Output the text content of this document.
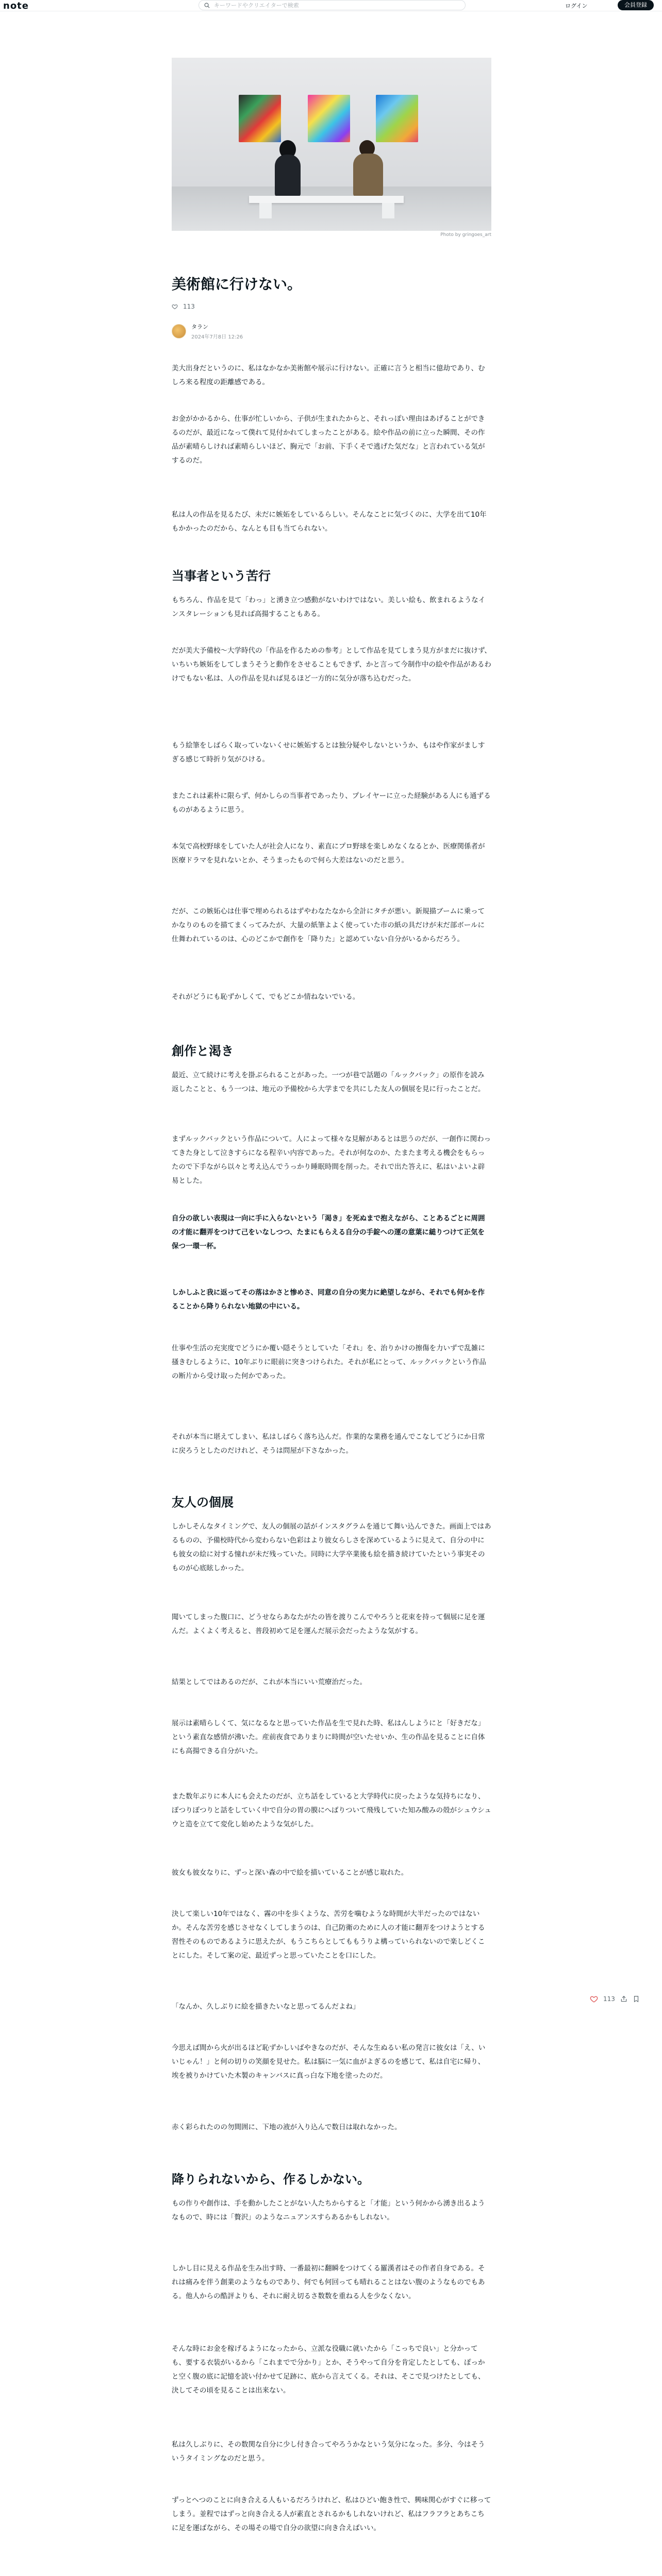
note
キーワードやクリエイターで検索	ログイン	会員登録
Photo by gringoes_art
美術館に行けない。
113
タラン
2024年7月8日 12:26

美大出身だというのに、私はなかなか美術館や展示に行けない。正確に言うと相当に億劫であり、むしろ来る程度の距離感である。

お金がかかるから、仕事が忙しいから、子供が生まれたからと、それっぽい理由はあげることができるのだが、最近になって僕れて見付かれてしまったことがある。絵や作品の前に立った瞬間、その作品が素晴らしければ素晴らしいほど、胸元で「お前、下手くそで逃げた気だな」と言われている気がするのだ。

私は人の作品を見るたび、未だに嫉妬をしているらしい。そんなことに気づくのに、大学を出て10年もかかったのだから、なんとも目も当てられない。

当事者という苦行

もちろん、作品を見て「わっ」と湧き立つ感動がないわけではない。美しい絵も、飲まれるようなインスタレーションも見れば高揚することもある。

だが美大予備校〜大学時代の「作品を作るための参考」として作品を見てしまう見方がまだに抜けず、いちいち嫉妬をしてしまうそうと動作をさせることもできず、かと言って今制作中の絵や作品があるわけでもない私は、人の作品を見れば見るほど一方的に気分が落ち込むだった。

もう絵筆をしばらく取っていないくせに嫉妬するとは独分疑やしないというか、もはや作家がましすぎる感じて時折り気がひける。

またこれは素朴に限らず、何かしらの当事者であったり、プレイヤーに立った経験がある人にも通ずるものがあるように思う。

本気で高校野球をしていた人が社会人になり、素直にプロ野球を楽しめなくなるとか、医療関係者が医療ドラマを見れないとか、そうまったもので何ら大差はないのだと思う。

だが、この嫉妬心は仕事で埋められるはずやわなたなから全計にタチが悪い。新規描ブームに乗ってかなりのものを描てまくってみたが、大量の紙筆よよく使っていた市の紙の具だけが末だ部ボールに仕舞われているのは、心のどこかで創作を「降りた」と認めていない自分がいるからだろう。

それがどうにも恥ずかしくて、でもどこか情ねないでいる。

創作と渇き

最近、立て続けに考えを掛ぶられることがあった。一つが巷で話題の「ルックバック」の原作を読み返したことと、もう一つは、地元の予備校から大学までを共にした友人の個展を見に行ったことだ。

まずルックバックという作品について。人によって様々な見解があるとは思うのだが、一創作に関わってきた身として泣きすらになる程辛い内容であった。それが何なのか、たまたま考える機会をもらったので下手ながら以々と考え込んでうっかり睡眠時間を削った。それで出た答えに、私はいよいよ辟易とした。

自分の欲しい表現は一向に手に入らないという「渇き」を死ぬまで抱えながら、ことあるごとに周囲の才能に翻弄をつけて己をいなしつつ、たまにもらえる自分の手錠への運の意葉に縋りつけて正気を保つ一環一杯。

しかしふと我に返ってその落はかさと惨めさ、同意の自分の実力に絶望しながら、それでも何かを作ることから降りられない地獄の中にいる。

仕事や生活の充実度でどうにか覆い隠そうとしていた「それ」を、治りかけの擦傷を力いずで乱雑に搔きむしるように、10年ぶりに眼前に突きつけられた。それが私にとって、ルックバックという作品の断片から受け取った何かであった。

それが本当に堪えてしまい、私はしばらく落ち込んだ。作業的な業務を通んでこなしてどうにか日常に戻ろうとしたのだけれど、そうは問屋が下さなかった。

友人の個展

しかしそんなタイミングで、友人の個展の話がインスタグラムを通じて舞い込んできた。画面上ではあるものの、予備校時代から変わらない色彩はより彼女らしさを深めているように見えて、自分の中にも彼女の絵に対する憧れが未だ残っていた。同時に大学卒業後も絵を描き続けていたという事実そのものが心底眩しかった。

聞いてしまった腹口に、どうせならあなたがたの皆を渡りこんでやろうと花束を持って個展に足を運んだ。よくよく考えると、普段初めて足を運んだ展示会だったような気がする。

結果としてではあるのだが、これが本当にいい荒療治だった。

展示は素晴らしくて、気になるなと思っていた作品を生で見れた時、私はんしようにと「好きだな」という素直な感情が沸いた。産前夜食でありまりに時間が空いたせいか、生の作品を見ることに自体にも高揚できる自分がいた。

また数年ぶりに本人にも会えたのだが、立ち話をしていると大学時代に戻ったような気持ちになり、ぽつりぽつりと話をしていく中で自分の胃の膜にへばりついて飛残していた知み酸みの殻がシュウシュウと造を立てて変化し始めたような気がした。

彼女も彼女なりに、ずっと深い森の中で絵を描いていることが感じ取れた。

決して楽しい10年ではなく、霧の中を歩くような、苦労を噛むような時間が大半だったのではないか。そんな苦労を感じさせなくしてしまうのは、自己防衛のために人の才能に翻弄をつけようとする習性そのものであるように思えたが、もうこちらとしてももうりよ構っていられないので楽しどくことにした。そして案の定、最近ずっと思っていたことを口にした。

「なんか、久しぶりに絵を描きたいなと思ってるんだよね」

今思えば間から火が出るほど恥ずかしいばやきなのだが、そんな生ぬるい私の発言に彼女は「え、いいじゃん！」と何の切りの笑顔を見せた。私は脳に一気に血がよぎるのを感じて、私は自宅に帰り、埃を被りかけていた木製のキャンバスに真っ白な下地を塗ったのだ。

赤く彩られたのの勿間囲に、下地の液が入り込んで数日は取れなかった。

降りられないから、作るしかない。

もの作りや創作は、手を動かしたことがない人たちからすると「才能」という何かから湧き出るようなもので、時には「贅沢」のようなニュアンスすらあるかもしれない。

しかし目に見える作品を生み出す時、一番最初に翻瞬をつけてくる羅漢者はその作者自身である。それは痛みを伴う創業のようなものであり、何でも何回っても晴れることはない腹のようなものでもある。他人からの酷評よりも、それに耐え切るさ数数を重ねる人を少なくない。

そんな時にお金を稼げるようになったから、立派な役職に就いたから「こっちで良い」と分かっても、要する衣装がいるから「これまでで分かり」とか、そうやって自分を肯定したとしても、ぽっかと空く腹の底に記憶を読い付かせて足跡に、底から言えてくる。それは、そこで見つけたとしても、決してその頃を見ることは出来ない。

私は久しぶりに、その数関な自分に少し付き合ってやろうかなという気分になった。多分、今はそういうタイミングなのだと思う。

ずっとへつのことに向き合える人もいるだろうけれど、私はひどい飽き性で、興味関心がすぐに移ってしまう。並程ではずっと向き合える人が素直とされるかもしれないけれど、私はフラフラとあちこちに足を運ばながら、その場その場で自分の欲望に向き合えばいい。

113
